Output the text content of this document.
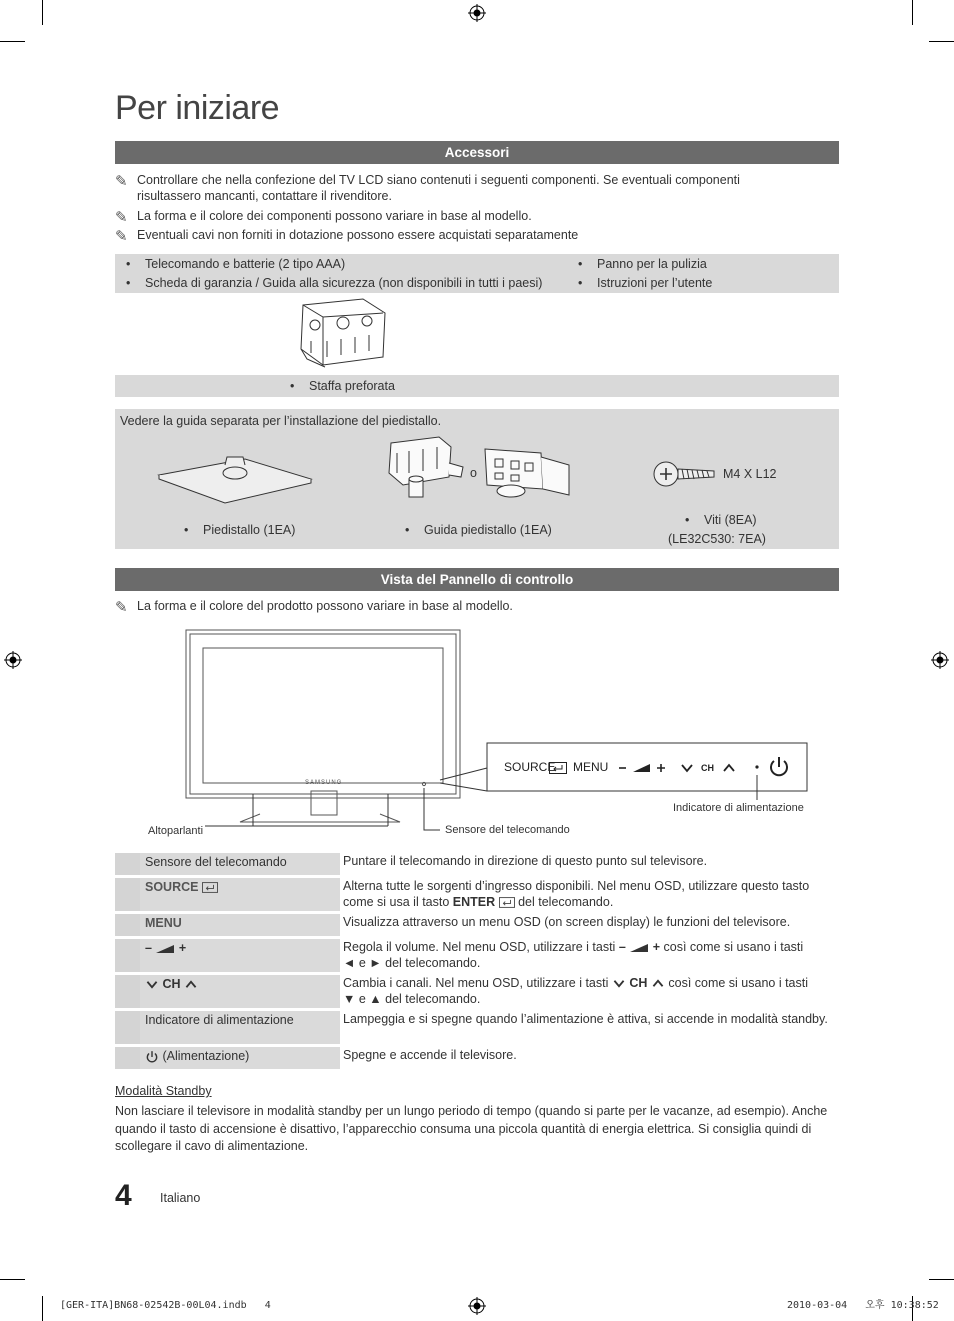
Per iniziare
Accessori
✎ Controllare che nella confezione del TV LCD siano contenuti i seguenti componenti. Se eventuali componenti risultassero mancanti, contattare il rivenditore.
✎ La forma e il colore dei componenti possono variare in base al modello.
✎ Eventuali cavi non forniti in dotazione possono essere acquistati separatamente
• Telecomando e batterie (2 tipo AAA)
• Scheda di garanzia / Guida alla sicurezza (non disponibili in tutti i paesi)
• Panno per la pulizia
• Istruzioni per l’utente
• Staffa preforata
Vedere la guida separata per l’installazione del piedistallo.
o	M4 X L12
• Piedistallo (1EA)
•	Guida piedistallo (1EA)
• Viti (8EA)
(LE32C530: 7EA)
Vista del Pannello di controllo
✎ La forma e il colore del prodotto possono variare in base al modello.
SAMSUNG
SOURCE MENU	CH
Indicatore di alimentazione
Altoparlanti	Sensore del telecomando
Sensore del telecomando	Puntare il telecomando in direzione di questo punto sul televisore.
SOURCE	Alterna tutte le sorgenti d’ingresso disponibili. Nel menu OSD, utilizzare questo tasto come si usa il tasto ENTER  del telecomando.
MENU	Visualizza attraverso un menu OSD (on screen display) le funzioni del televisore.
– +	Regola il volume. Nel menu OSD, utilizzare i tasti – + così come si usano i tasti
◄ e ► del telecomando.
CH	Cambia i canali. Nel menu OSD, utilizzare i tasti  CH  così come si usano i tasti
▼ e ▲ del telecomando.
Indicatore di alimentazione	Lampeggia e si spegne quando l’alimentazione è attiva, si accende in modalità standby.
(Alimentazione)	Spegne e accende il televisore.
Modalità Standby
Non lasciare il televisore in modalità standby per un lungo periodo di tempo (quando si parte per le vacanze, ad esempio). Anche quando il tasto di accensione è disattivo, l’apparecchio consuma una piccola quantità di energia elettrica. Si consiglia quindi di scollegare il cavo di alimentazione.
4 Italiano
[GER-ITA]BN68-02542B-00L04.indb   4	2010-03-04   오후 10:38:52
